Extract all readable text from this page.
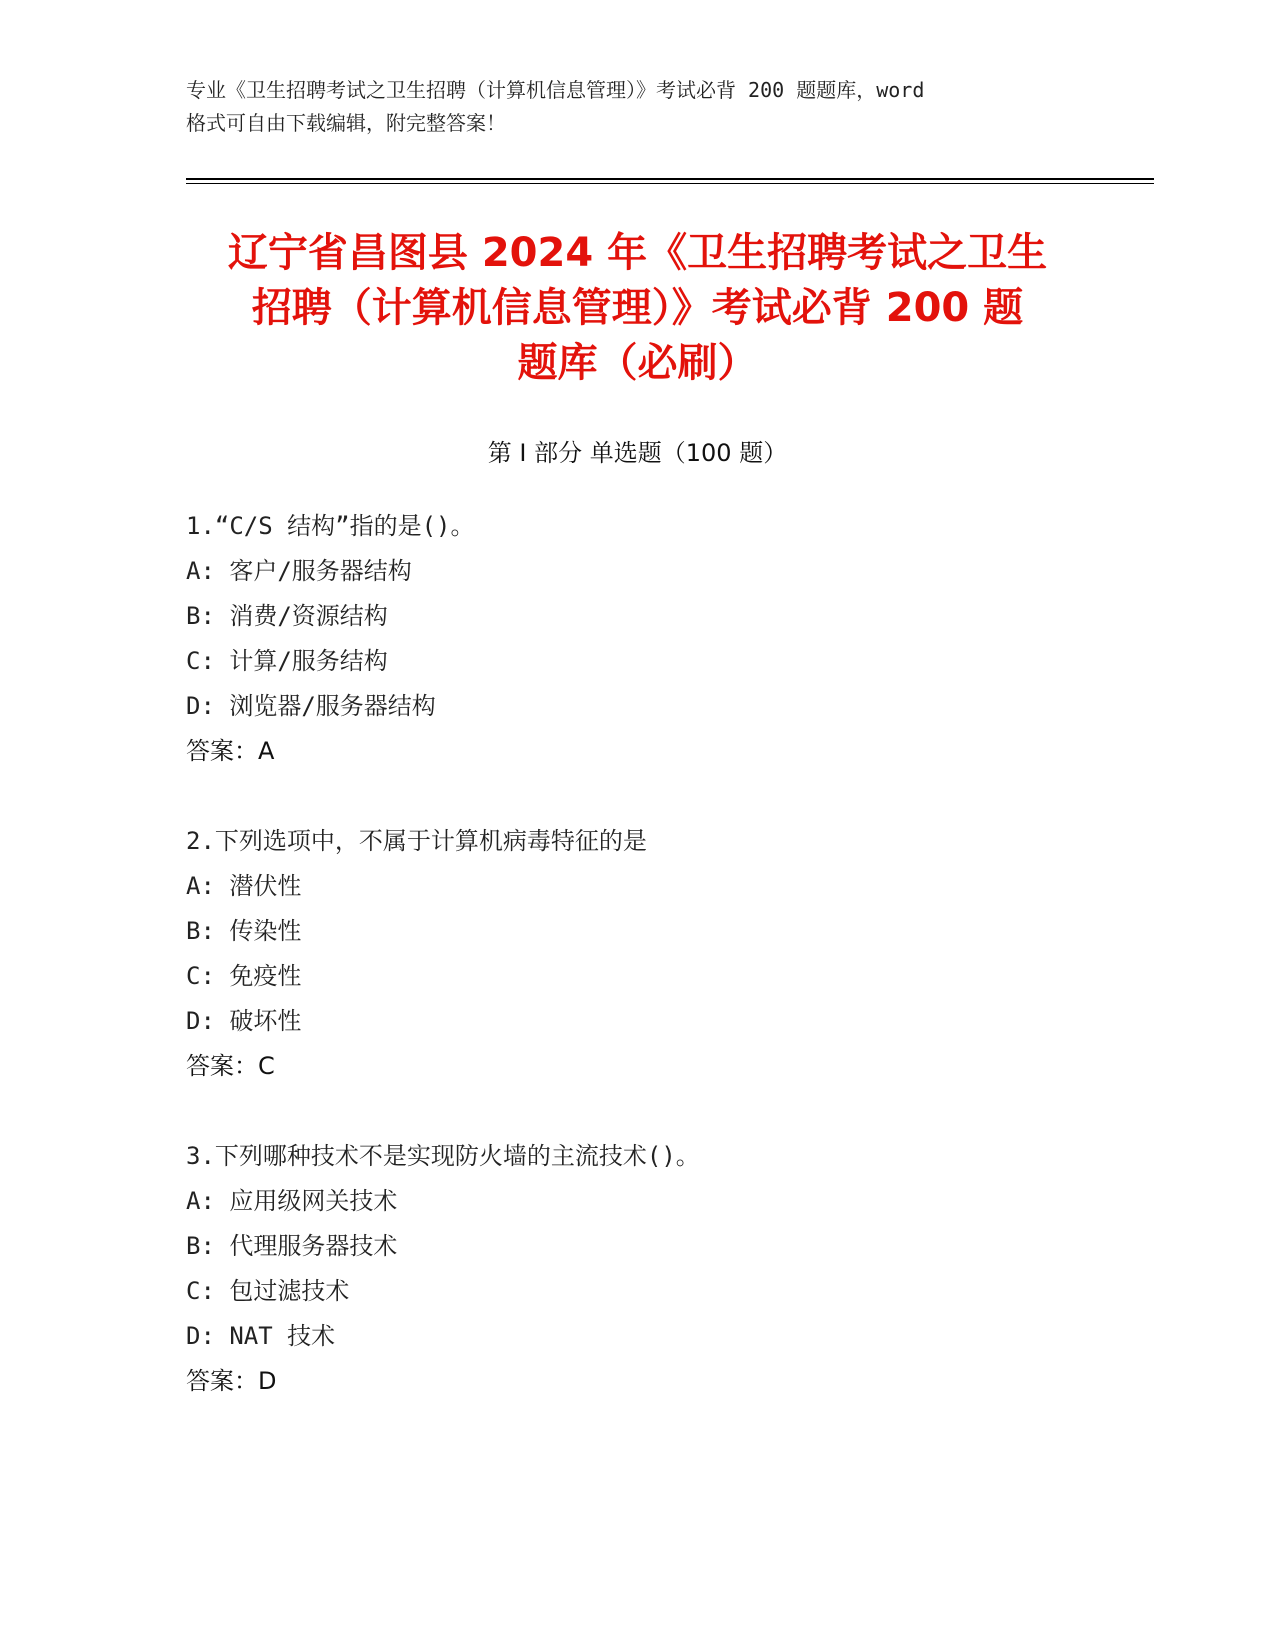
专业《卫生招聘考试之卫生招聘（计算机信息管理）》考试必背 200 题题库，word
格式可自由下载编辑，附完整答案！
辽宁省昌图县 2024 年《卫生招聘考试之卫生
招聘（计算机信息管理）》考试必背 200 题
题库（必刷）
第 I 部分 单选题（100 题）
1.“C/S 结构”指的是()。
A: 客户/服务器结构
B: 消费/资源结构
C: 计算/服务结构
D: 浏览器/服务器结构
答案：A
2.下列选项中，不属于计算机病毒特征的是
A: 潜伏性
B: 传染性
C: 免疫性
D: 破坏性
答案：C
3.下列哪种技术不是实现防火墙的主流技术()。
A: 应用级网关技术
B: 代理服务器技术
C: 包过滤技术
D: NAT 技术
答案：D
